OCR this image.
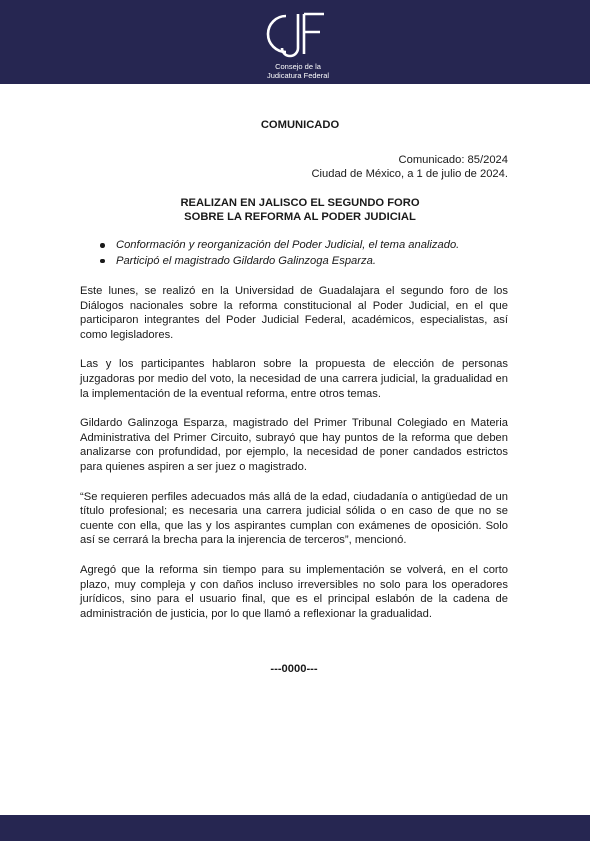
Consejo de la
Judicatura Federal

COMUNICADO

Comunicado: 85/2024
Ciudad de México, a 1 de julio de 2024.
REALIZAN EN JALISCO EL SEGUNDO FORO
SOBRE LA REFORMA AL PODER JUDICIAL
Conformación y reorganización del Poder Judicial, el tema analizado.
Participó el magistrado Gildardo Galinzoga Esparza.

Este lunes, se realizó en la Universidad de Guadalajara el segundo foro de los Diálogos nacionales sobre la reforma constitucional al Poder Judicial, en el que participaron integrantes del Poder Judicial Federal, académicos, especialistas, así como legisladores.

Las y los participantes hablaron sobre la propuesta de elección de personas juzgadoras por medio del voto, la necesidad de una carrera judicial, la gradualidad en la implementación de la eventual reforma, entre otros temas.

Gildardo Galinzoga Esparza, magistrado del Primer Tribunal Colegiado en Materia Administrativa del Primer Circuito, subrayó que hay puntos de la reforma que deben analizarse con profundidad, por ejemplo, la necesidad de poner candados estrictos para quienes aspiren a ser juez o magistrado.

“Se requieren perfiles adecuados más allá de la edad, ciudadanía o antigüedad de un título profesional; es necesaria una carrera judicial sólida o en caso de que no se cuente con ella, que las y los aspirantes cumplan con exámenes de oposición. Solo así se cerrará la brecha para la injerencia de terceros”, mencionó.

Agregó que la reforma sin tiempo para su implementación se volverá, en el corto plazo, muy compleja y con daños incluso irreversibles no solo para los operadores jurídicos, sino para el usuario final, que es el principal eslabón de la cadena de administración de justicia, por lo que llamó a reflexionar la gradualidad.

---0000---
